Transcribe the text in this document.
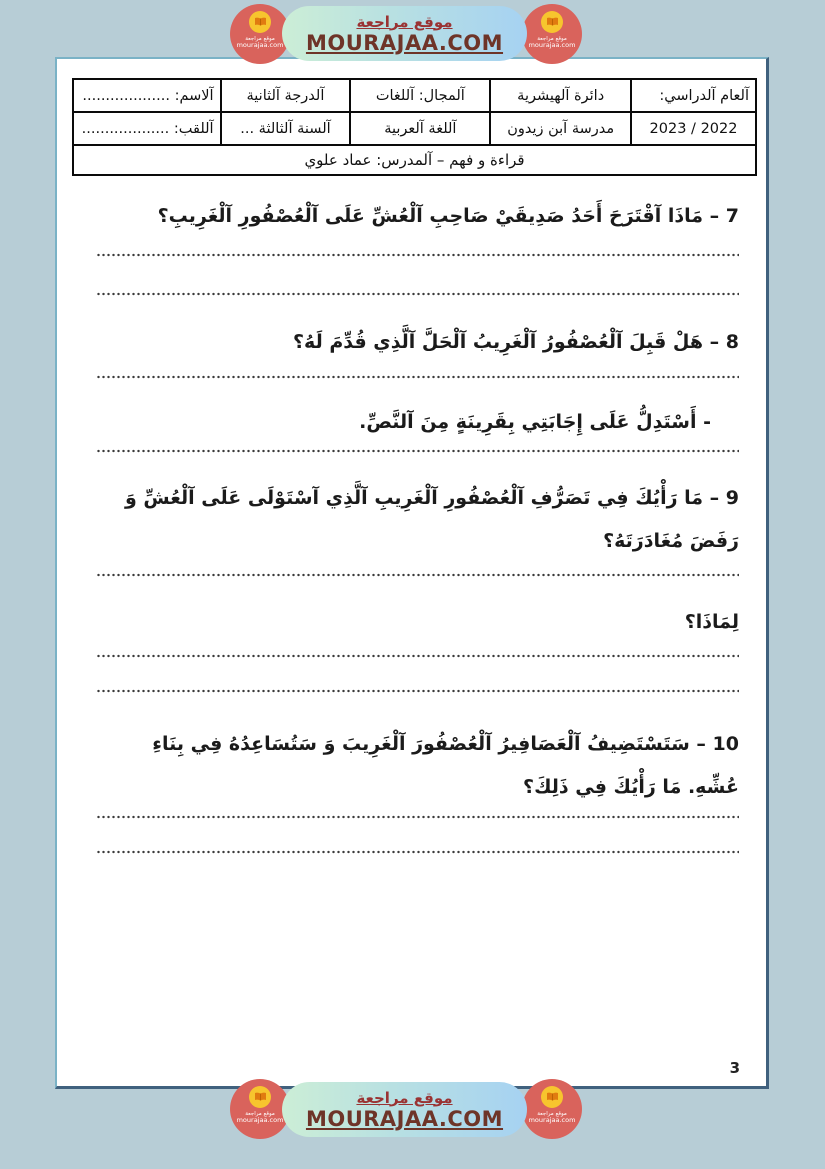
موقع مراجعة
mourajaa.com
موقع مراجعة
MOURAJAA.COM	موقع مراجعة
mourajaa.com
آلعام آلدراسي:	دائرة آلهيشرية	آلمجال: آللغات	آلدرجة آلثانية	آلاسم: ...................
2022 / 2023	مدرسة آبن زيدون	آللغة آلعربية	آلسنة آلثالثة ...	آللقب: ...................
قراءة و فهم – آلمدرس: عماد علوي				
7 – مَاذَا آقْتَرَحَ أَحَدُ صَدِيقَيْ صَاحِبِ آلْعُشِّ عَلَى آلْعُصْفُورِ آلْغَرِيبِ؟
8 – هَلْ قَبِلَ آلْعُصْفُورُ آلْغَرِيبُ آلْحَلَّ آلَّذِي قُدِّمَ لَهُ؟
- أَسْتَدِلُّ عَلَى إِجَابَتِي بِقَرِينَةٍ مِنَ آلنَّصِّ.
9 – مَا رَأْيُكَ فِي تَصَرُّفِ آلْعُصْفُورِ آلْغَرِيبِ آلَّذِي آسْتَوْلَى عَلَى آلْعُشِّ وَ رَفَضَ مُغَادَرَتَهُ؟
لِمَاذَا؟
10 – سَتَسْتَضِيفُ آلْعَصَافِيرُ آلْعُصْفُورَ آلْغَرِيبَ وَ سَتُسَاعِدُهُ فِي بِنَاءِ عُشِّهِ. مَا رَأْيُكَ فِي ذَلِكَ؟
3
موقع مراجعة
mourajaa.com
موقع مراجعة
MOURAJAA.COM	موقع مراجعة
mourajaa.com
